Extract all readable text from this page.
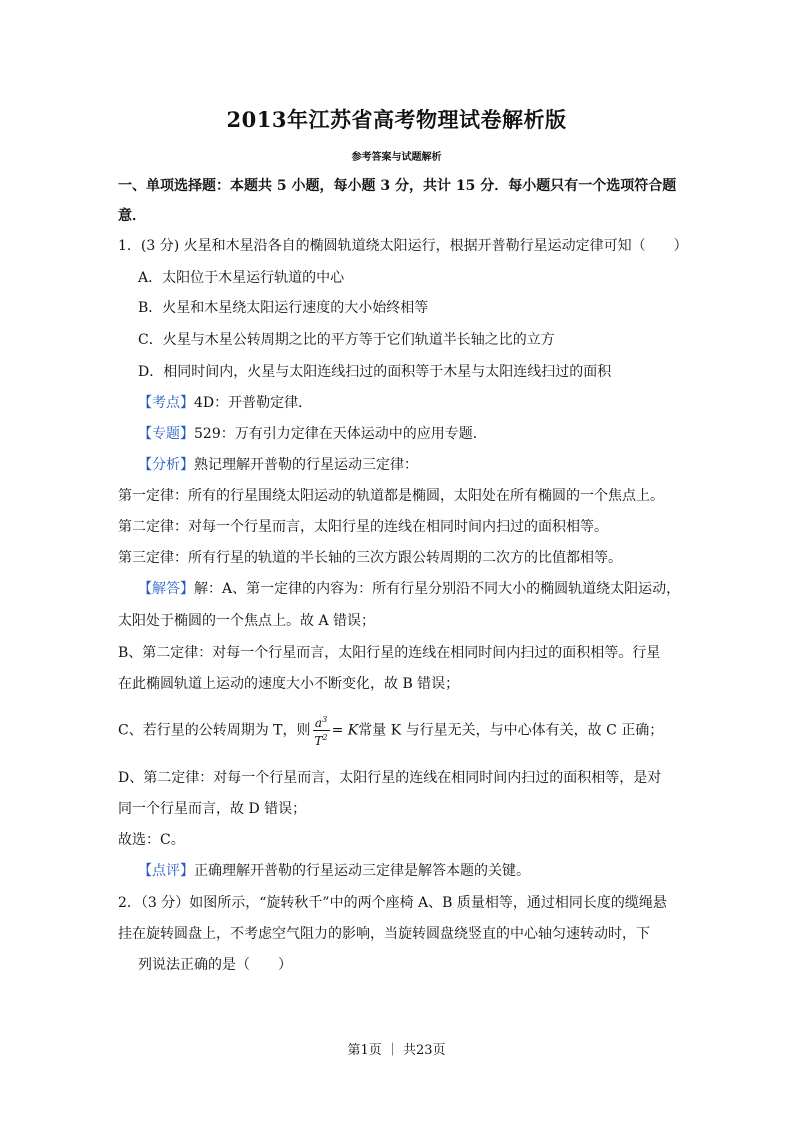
2013年江苏省高考物理试卷解析版
参考答案与试题解析
一、单项选择题：本题共 5 小题，每小题 3 分，共计 15 分．每小题只有一个选项符合题
意．
1．(3 分) 火星和木星沿各自的椭圆轨道绕太阳运行，根据开普勒行星运动定律可知（　　）
A．太阳位于木星运行轨道的中心
B．火星和木星绕太阳运行速度的大小始终相等
C．火星与木星公转周期之比的平方等于它们轨道半长轴之比的立方
D．相同时间内，火星与太阳连线扫过的面积等于木星与太阳连线扫过的面积
【考点】4D：开普勒定律．
【专题】529：万有引力定律在天体运动中的应用专题．
【分析】熟记理解开普勒的行星运动三定律：
第一定律：所有的行星围绕太阳运动的轨道都是椭圆，太阳处在所有椭圆的一个焦点上。
第二定律：对每一个行星而言，太阳行星的连线在相同时间内扫过的面积相等。
第三定律：所有行星的轨道的半长轴的三次方跟公转周期的二次方的比值都相等。
【解答】解：A、第一定律的内容为：所有行星分别沿不同大小的椭圆轨道绕太阳运动，
太阳处于椭圆的一个焦点上。故 A 错误；
B、第二定律：对每一个行星而言，太阳行星的连线在相同时间内扫过的面积相等。行星
在此椭圆轨道上运动的速度大小不断变化，故 B 错误；
C、若行星的公转周期为 T，则 $\frac{a^3}{T^2} = K$常量 K 与行星无关，与中心体有关，故 C 正确；
D、第二定律：对每一个行星而言，太阳行星的连线在相同时间内扫过的面积相等，是对
同一个行星而言，故 D 错误；
故选：C。
【点评】正确理解开普勒的行星运动三定律是解答本题的关键。
2．（3 分）如图所示，“旋转秋千”中的两个座椅 A、B 质量相等，通过相同长度的缆绳悬
挂在旋转圆盘上，不考虑空气阻力的影响，当旋转圆盘绕竖直的中心轴匀速转动时，下
列说法正确的是（　　）
第1页 ｜ 共23页
